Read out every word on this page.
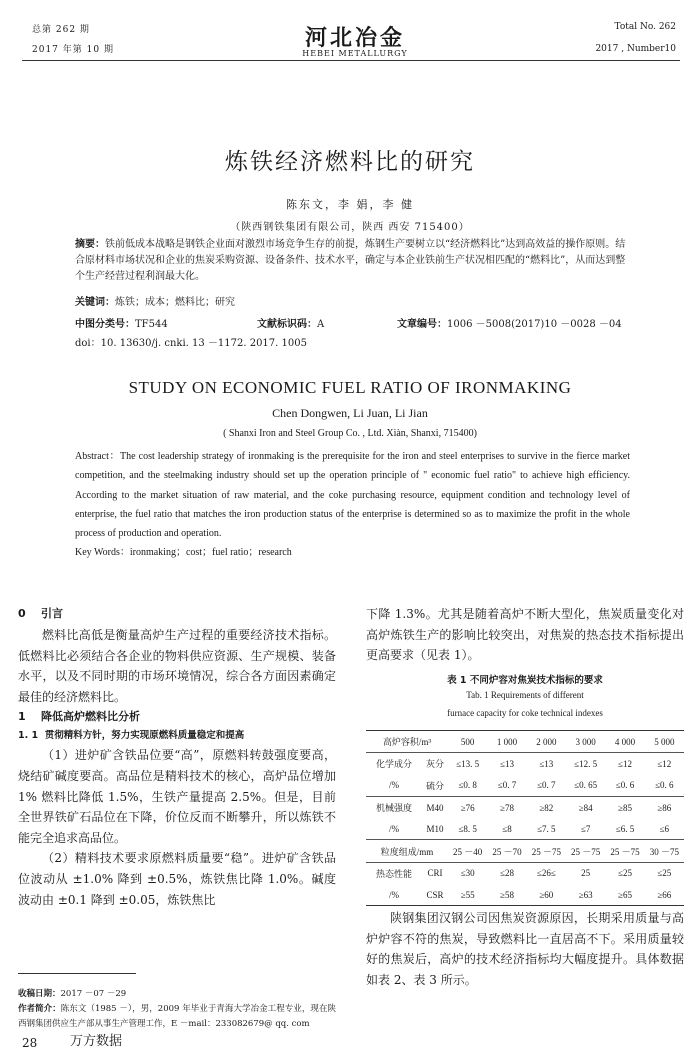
总第 262 期
2017 年第 10 期	河北冶金
HEBEI METALLURGY
Total No. 262
2017 , Number10
炼铁经济燃料比的研究
陈东文，李 娟，李 健
（陕西钢铁集团有限公司，陕西 西安 715400）
摘要：铁前低成本战略是钢铁企业面对激烈市场竞争生存的前提，炼钢生产要树立以“经济燃料比”达到高效益的操作原则。结合原材料市场状况和企业的焦炭采购资源、设备条件、技术水平，确定与本企业铁前生产状况相匹配的“燃料比”，从而达到整个生产经营过程利润最大化。
关键词：炼铁；成本；燃料比；研究
中图分类号：TF544	文献标识码：A	文章编号：1006 －5008(2017)10 －0028 －04
doi：10. 13630/j. cnki. 13 －1172. 2017. 1005
STUDY ON ECONOMIC FUEL RATIO OF IRONMAKING
Chen Dongwen, Li Juan, Li Jian
( Shanxi Iron and Steel Group Co. , Ltd. Xiàn, Shanxi, 715400)
Abstract：The cost leadership strategy of ironmaking is the prerequisite for the iron and steel enterprises to survive in the fierce market competition, and the steelmaking industry should set up the operation principle of " economic fuel ratio" to achieve high efficiency. According to the market situation of raw material, and the coke purchasing resource, equipment condition and technology level of enterprise, the fuel ratio that matches the iron production status of the enterprise is determined so as to maximize the profit in the whole process of production and operation.
Key Words：ironmaking；cost；fuel ratio；research
0 引言

燃料比高低是衡量高炉生产过程的重要经济技术指标。低燃料比必须结合各企业的物料供应资源、生产规模、装备水平，以及不同时期的市场环境情况，综合各方面因素确定最佳的经济燃料比。

1 降低高炉燃料比分析
1. 1 贯彻精料方针，努力实现原燃料质量稳定和提高

（1）进炉矿含铁品位要“高”，原燃料转鼓强度要高，烧结矿碱度要高。高品位是精料技术的核心，高炉品位增加 1% 燃料比降低 1.5%，生铁产量提高 2.5%。但是，目前全世界铁矿石品位在下降，价位反而不断攀升，所以炼铁不能完全追求高品位。

（2）精料技术要求原燃料质量要“稳”。进炉矿含铁品位波动从 ±1.0% 降到 ±0.5%，炼铁焦比降 1.0%。碱度波动由 ±0.1 降到 ±0.05，炼铁焦比

收稿日期：2017 －07 －29
作者简介：陈东文（1985 －），男，2009 年毕业于青海大学冶金工程专业，现在陕西钢集团供应生产部从事生产管理工作，E －mail：233082679@ qq. com
28	万方数据

下降 1.3%。尤其是随着高炉不断大型化，焦炭质量变化对高炉炼铁生产的影响比较突出，对焦炭的热态技术指标提出更高要求（见表 1）。

表 1 不同炉容对焦炭技术指标的要求
Tab. 1 Requirements of different
furnace capacity for coke technical indexes
高炉容积/m³		500	1 000	2 000	3 000	4 000	5 000
化学成分	灰分	≤13. 5	≤13	≤13	≤12. 5	≤12	≤12
/%	硫分	≤0. 8	≤0. 7	≤0. 7	≤0. 65	≤0. 6	≤0. 6
机械强度	M40	≥76	≥78	≥82	≥84	≥85	≥86
/%	M10	≤8. 5	≤8	≤7. 5	≤7	≤6. 5	≤6
粒度组成/mm		25 －40	25 －70	25 －75	25 －75	25 －75	30 －75
热态性能	CRI	≤30	≤28	≤26≤	25	≤25	≤25
/%	CSR	≥55	≥58	≥60	≥63	≥65	≥66

陕钢集团汉钢公司因焦炭资源原因，长期采用质量与高炉炉容不符的焦炭，导致燃料比一直居高不下。采用质量较好的焦炭后，高炉的技术经济指标均大幅度提升。具体数据如表 2、表 3 所示。
